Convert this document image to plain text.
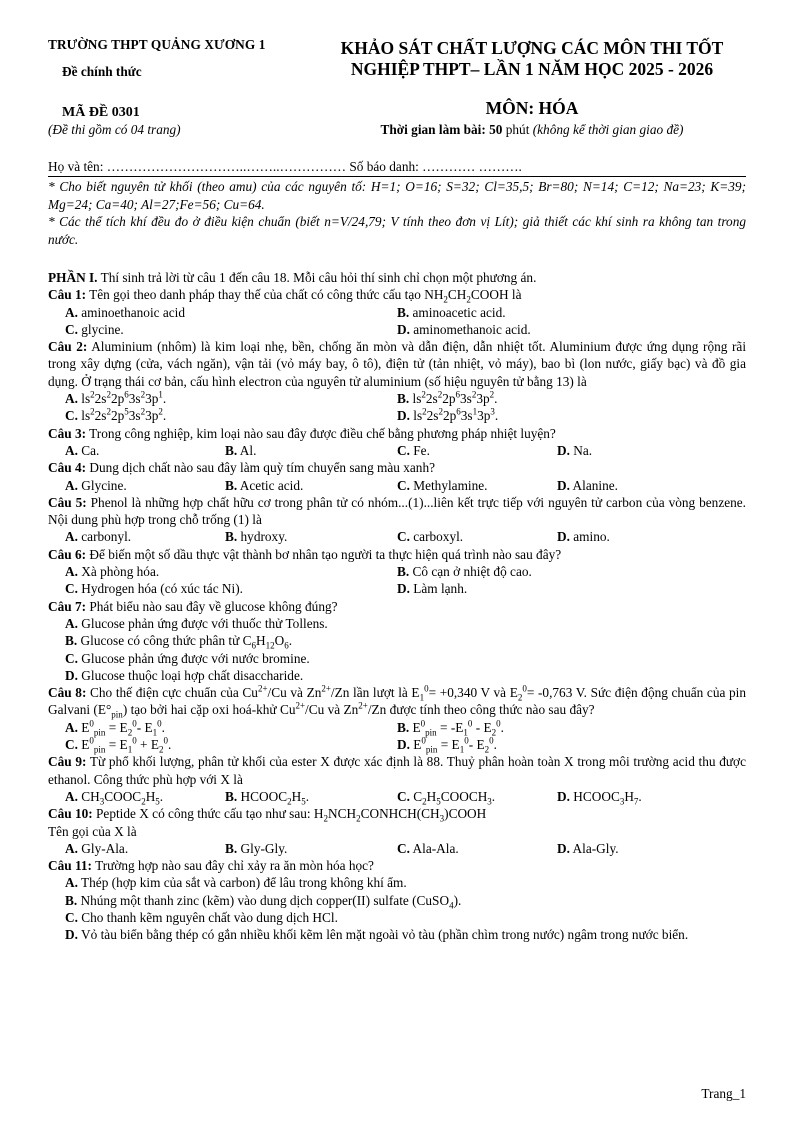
TRƯỜNG THPT QUẢNG XƯƠNG 1
Đề chính thức
KHẢO SÁT CHẤT LƯỢNG CÁC MÔN THI TỐT
NGHIỆP THPT– LẦN 1 NĂM HỌC 2025 - 2026
MÃ ĐỀ 0301
(Đề thi gồm có 04 trang)
MÔN: HÓA
Thời gian làm bài: 50 phút (không kể thời gian giao đề)
Họ và tên: …………………………..……..…………… Số báo danh: ………… ……….

* Cho biết nguyên tử khối (theo amu) của các nguyên tố: H=1; O=16; S=32; Cl=35,5; Br=80; N=14; C=12; Na=23; K=39; Mg=24; Ca=40; Al=27;Fe=56; Cu=64.

* Các thể tích khí đều đo ở điều kiện chuẩn (biết n=V/24,79; V tính theo đơn vị Lít); giả thiết các khí sinh ra không tan trong nước.

PHẦN I. Thí sinh trả lời từ câu 1 đến câu 18. Mỗi câu hỏi thí sinh chỉ chọn một phương án.

Câu 1: Tên gọi theo danh pháp thay thế của chất có công thức cấu tạo $NH_2CH_2COOH$ là

A. aminoethanoic acid	B. aminoacetic acid.
C. glycine.	D. aminomethanoic acid.

Câu 2: Aluminium (nhôm) là kim loại nhẹ, bền, chống ăn mòn và dẫn điện, dẫn nhiệt tốt. Aluminium được ứng dụng rộng rãi trong xây dựng (cửa, vách ngăn), vận tải (vỏ máy bay, ô tô), điện tử (tản nhiệt, vỏ máy), bao bì (lon nước, giấy bạc) và đồ gia dụng. Ở trạng thái cơ bản, cấu hình electron của nguyên tử aluminium (số hiệu nguyên tử bằng 13) là

A. $ls^22s^22p^63s^23p^1$.	B. $ls^22s^22p^63s^23p^2$.
C. $ls^22s^22p^53s^23p^2$.	D. $ls^22s^22p^63s^13p^3$.

Câu 3: Trong công nghiệp, kim loại nào sau đây được điều chế bằng phương pháp nhiệt luyện?

A. Ca.	B. Al.	C. Fe.	D. Na.

Câu 4: Dung dịch chất nào sau đây làm quỳ tím chuyển sang màu xanh?

A. Glycine.	B. Acetic acid.	C. Methylamine.	D. Alanine.

Câu 5: Phenol là những hợp chất hữu cơ trong phân tử có nhóm...(1)...liên kết trực tiếp với nguyên tử carbon của vòng benzene. Nội dung phù hợp trong chỗ trống (1) là

A. carbonyl.	B. hydroxy.	C. carboxyl.	D. amino.

Câu 6: Để biến một số dầu thực vật thành bơ nhân tạo người ta thực hiện quá trình nào sau đây?

A. Xà phòng hóa.	B. Cô cạn ở nhiệt độ cao.
C. Hydrogen hóa (có xúc tác Ni).	D. Làm lạnh.

Câu 7: Phát biểu nào sau đây về glucose không đúng?

A. Glucose phản ứng được với thuốc thử Tollens.
B. Glucose có công thức phân tử $C_6H_{12}O_6$.
C. Glucose phản ứng được với nước bromine.
D. Glucose thuộc loại hợp chất disaccharide.

Câu 8: Cho thế điện cực chuẩn của $Cu^{2+}/Cu$ và $Zn^{2+}/Zn$ lần lượt là $E_1^0= +0,340$ V và $E_2^0= -0,763$ V. Sức điện động chuẩn của pin Galvani $(E^\circ_{pin})$ tạo bởi hai cặp oxi hoá-khử $Cu^{2+}/Cu$ và $Zn^{2+}/Zn$ được tính theo công thức nào sau đây?

A. $E^0_{pin} = E_2^0-$ $E_1^0$.	B. $E^0_{pin} = -E_1^0 - E_2^0$.
C. $E^0_{pin} = E_1^0 + E_2^0$.	D. $E^0_{pin} = E_1^0-$ $E_2^0$.

Câu 9: Từ phổ khối lượng, phân tử khối của ester X được xác định là 88. Thuỷ phân hoàn toàn X trong môi trường acid thu được ethanol. Công thức phù hợp với X là

A. $CH_3COOC_2H_5$.	B. $HCOOC_2H_5$.	C. $C_2H_5COOCH_3$.	D. $HCOOC_3H_7$.

Câu 10: Peptide X có công thức cấu tạo như sau: $H_2NCH_2CONHCH(CH_3)COOH$

Tên gọi của X là

A. Gly-Ala.	B. Gly-Gly.	C. Ala-Ala.	D. Ala-Gly.

Câu 11: Trường hợp nào sau đây chỉ xảy ra ăn mòn hóa học?

A. Thép (hợp kim của sắt và carbon) để lâu trong không khí ẩm.
B. Nhúng một thanh zinc (kẽm) vào dung dịch copper(II) sulfate (CuSO$_4$).
C. Cho thanh kẽm nguyên chất vào dung dịch HCl.

D. Vỏ tàu biển bằng thép có gắn nhiều khối kẽm lên mặt ngoài vỏ tàu (phần chìm trong nước) ngâm trong nước biển.

Trang_1
